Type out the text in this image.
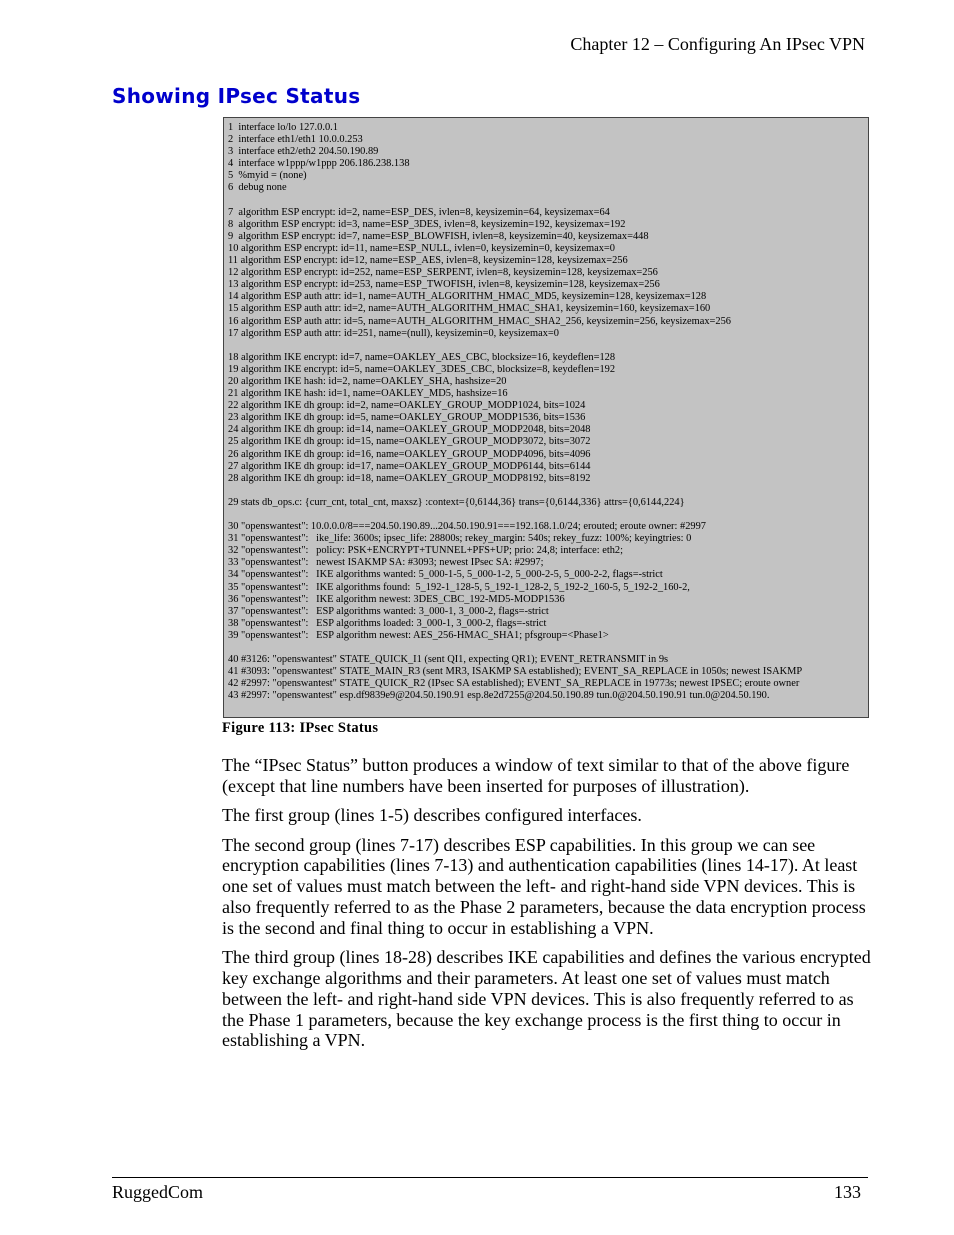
Chapter 12 – Configuring An IPsec VPN
Showing IPsec Status
1  interface lo/lo 127.0.0.1
2  interface eth1/eth1 10.0.0.253
3  interface eth2/eth2 204.50.190.89
4  interface w1ppp/w1ppp 206.186.238.138
5  %myid = (none)
6  debug none
7  algorithm ESP encrypt: id=2, name=ESP_DES, ivlen=8, keysizemin=64, keysizemax=64
8  algorithm ESP encrypt: id=3, name=ESP_3DES, ivlen=8, keysizemin=192, keysizemax=192
9  algorithm ESP encrypt: id=7, name=ESP_BLOWFISH, ivlen=8, keysizemin=40, keysizemax=448
10 algorithm ESP encrypt: id=11, name=ESP_NULL, ivlen=0, keysizemin=0, keysizemax=0
11 algorithm ESP encrypt: id=12, name=ESP_AES, ivlen=8, keysizemin=128, keysizemax=256
12 algorithm ESP encrypt: id=252, name=ESP_SERPENT, ivlen=8, keysizemin=128, keysizemax=256
13 algorithm ESP encrypt: id=253, name=ESP_TWOFISH, ivlen=8, keysizemin=128, keysizemax=256
14 algorithm ESP auth attr: id=1, name=AUTH_ALGORITHM_HMAC_MD5, keysizemin=128, keysizemax=128
15 algorithm ESP auth attr: id=2, name=AUTH_ALGORITHM_HMAC_SHA1, keysizemin=160, keysizemax=160
16 algorithm ESP auth attr: id=5, name=AUTH_ALGORITHM_HMAC_SHA2_256, keysizemin=256, keysizemax=256
17 algorithm ESP auth attr: id=251, name=(null), keysizemin=0, keysizemax=0
18 algorithm IKE encrypt: id=7, name=OAKLEY_AES_CBC, blocksize=16, keydeflen=128
19 algorithm IKE encrypt: id=5, name=OAKLEY_3DES_CBC, blocksize=8, keydeflen=192
20 algorithm IKE hash: id=2, name=OAKLEY_SHA, hashsize=20
21 algorithm IKE hash: id=1, name=OAKLEY_MD5, hashsize=16
22 algorithm IKE dh group: id=2, name=OAKLEY_GROUP_MODP1024, bits=1024
23 algorithm IKE dh group: id=5, name=OAKLEY_GROUP_MODP1536, bits=1536
24 algorithm IKE dh group: id=14, name=OAKLEY_GROUP_MODP2048, bits=2048
25 algorithm IKE dh group: id=15, name=OAKLEY_GROUP_MODP3072, bits=3072
26 algorithm IKE dh group: id=16, name=OAKLEY_GROUP_MODP4096, bits=4096
27 algorithm IKE dh group: id=17, name=OAKLEY_GROUP_MODP6144, bits=6144
28 algorithm IKE dh group: id=18, name=OAKLEY_GROUP_MODP8192, bits=8192
29 stats db_ops.c: {curr_cnt, total_cnt, maxsz} :context={0,6144,36} trans={0,6144,336} attrs={0,6144,224}
30 "openswantest": 10.0.0.0/8===204.50.190.89...204.50.190.91===192.168.1.0/24; erouted; eroute owner: #2997
31 "openswantest":   ike_life: 3600s; ipsec_life: 28800s; rekey_margin: 540s; rekey_fuzz: 100%; keyingtries: 0
32 "openswantest":   policy: PSK+ENCRYPT+TUNNEL+PFS+UP; prio: 24,8; interface: eth2;
33 "openswantest":   newest ISAKMP SA: #3093; newest IPsec SA: #2997;
34 "openswantest":   IKE algorithms wanted: 5_000-1-5, 5_000-1-2, 5_000-2-5, 5_000-2-2, flags=-strict
35 "openswantest":   IKE algorithms found:  5_192-1_128-5, 5_192-1_128-2, 5_192-2_160-5, 5_192-2_160-2,
36 "openswantest":   IKE algorithm newest: 3DES_CBC_192-MD5-MODP1536
37 "openswantest":   ESP algorithms wanted: 3_000-1, 3_000-2, flags=-strict
38 "openswantest":   ESP algorithms loaded: 3_000-1, 3_000-2, flags=-strict
39 "openswantest":   ESP algorithm newest: AES_256-HMAC_SHA1; pfsgroup=<Phase1>
40 #3126: "openswantest" STATE_QUICK_I1 (sent QI1, expecting QR1); EVENT_RETRANSMIT in 9s
41 #3093: "openswantest" STATE_MAIN_R3 (sent MR3, ISAKMP SA established); EVENT_SA_REPLACE in 1050s; newest ISAKMP
42 #2997: "openswantest" STATE_QUICK_R2 (IPsec SA established); EVENT_SA_REPLACE in 19773s; newest IPSEC; eroute owner
43 #2997: "openswantest" esp.df9839e9@204.50.190.91 esp.8e2d7255@204.50.190.89 tun.0@204.50.190.91 tun.0@204.50.190.
Figure 113: IPsec Status

The “IPsec Status” button produces a window of text similar to that of the above figure (except that line numbers have been inserted for purposes of illustration).

The first group (lines 1-5) describes configured interfaces.

The second group (lines 7-17) describes ESP capabilities. In this group we can see encryption capabilities (lines 7-13) and authentication capabilities (lines 14-17). At least one set of values must match between the left- and right-hand side VPN devices. This is also frequently referred to as the Phase 2 parameters, because the data encryption process is the second and final thing to occur in establishing a VPN.

The third group (lines 18-28) describes IKE capabilities and defines the various encrypted key exchange algorithms and their parameters. At least one set of values must match between the left- and right-hand side VPN devices. This is also frequently referred to as the Phase 1 parameters, because the key exchange process is the first thing to occur in establishing a VPN.

RuggedCom	133
